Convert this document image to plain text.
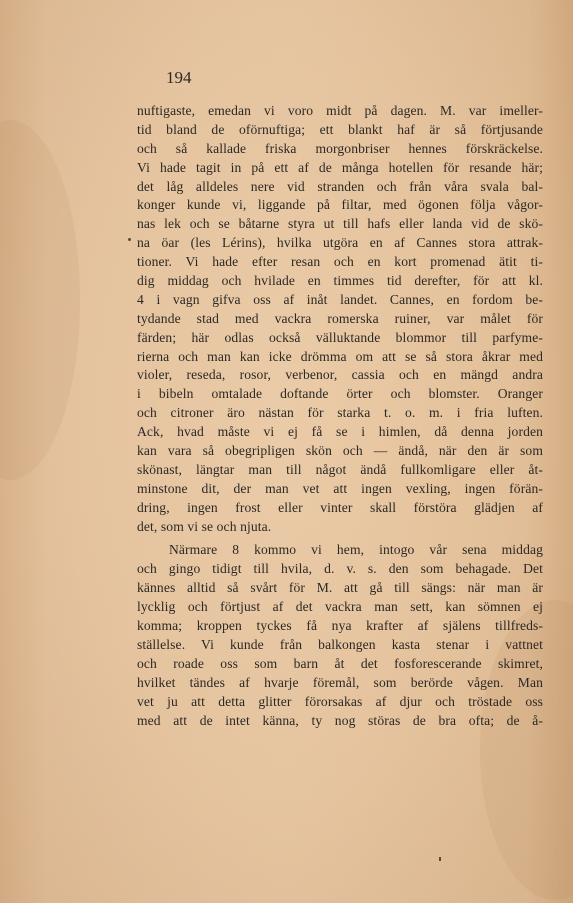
194
nuftigaste, emedan vi voro midt på dagen. M. var imeller-
tid bland de oförnuftiga; ett blankt haf är så förtjusande
och så kallade friska morgonbriser hennes förskräckelse.
Vi hade tagit in på ett af de många hotellen för resande här;
det låg alldeles nere vid stranden och från våra svala bal-
konger kunde vi, liggande på filtar, med ögonen följa vågor-
nas lek och se båtarne styra ut till hafs eller landa vid de skö-
na öar (les Lérins), hvilka utgöra en af Cannes stora attrak-
tioner. Vi hade efter resan och en kort promenad ätit ti-
dig middag och hvilade en timmes tid derefter, för att kl.
4 i vagn gifva oss af inåt landet. Cannes, en fordom be-
tydande stad med vackra romerska ruiner, var målet för
färden; här odlas också välluktande blommor till parfyme-
rierna och man kan icke drömma om att se så stora åkrar med
violer, reseda, rosor, verbenor, cassia och en mängd andra
i bibeln omtalade doftande örter och blomster. Oranger
och citroner äro nästan för starka t. o. m. i fria luften.
Ack, hvad måste vi ej få se i himlen, då denna jorden
kan vara så obegripligen skön och — ändå, när den är som
skönast, längtar man till något ändå fullkomligare eller åt-
minstone dit, der man vet att ingen vexling, ingen förän-
dring, ingen frost eller vinter skall förstöra glädjen af
det, som vi se och njuta.
Närmare 8 kommo vi hem, intogo vår sena middag
och gingo tidigt till hvila, d. v. s. den som behagade. Det
kännes alltid så svårt för M. att gå till sängs: när man är
lycklig och förtjust af det vackra man sett, kan sömnen ej
komma; kroppen tyckes få nya krafter af själens tillfreds-
ställelse. Vi kunde från balkongen kasta stenar i vattnet
och roade oss som barn åt det fosforescerande skimret,
hvilket tändes af hvarje föremål, som berörde vågen. Man
vet ju att detta glitter förorsakas af djur och tröstade oss
med att de intet känna, ty nog störas de bra ofta; de å-
